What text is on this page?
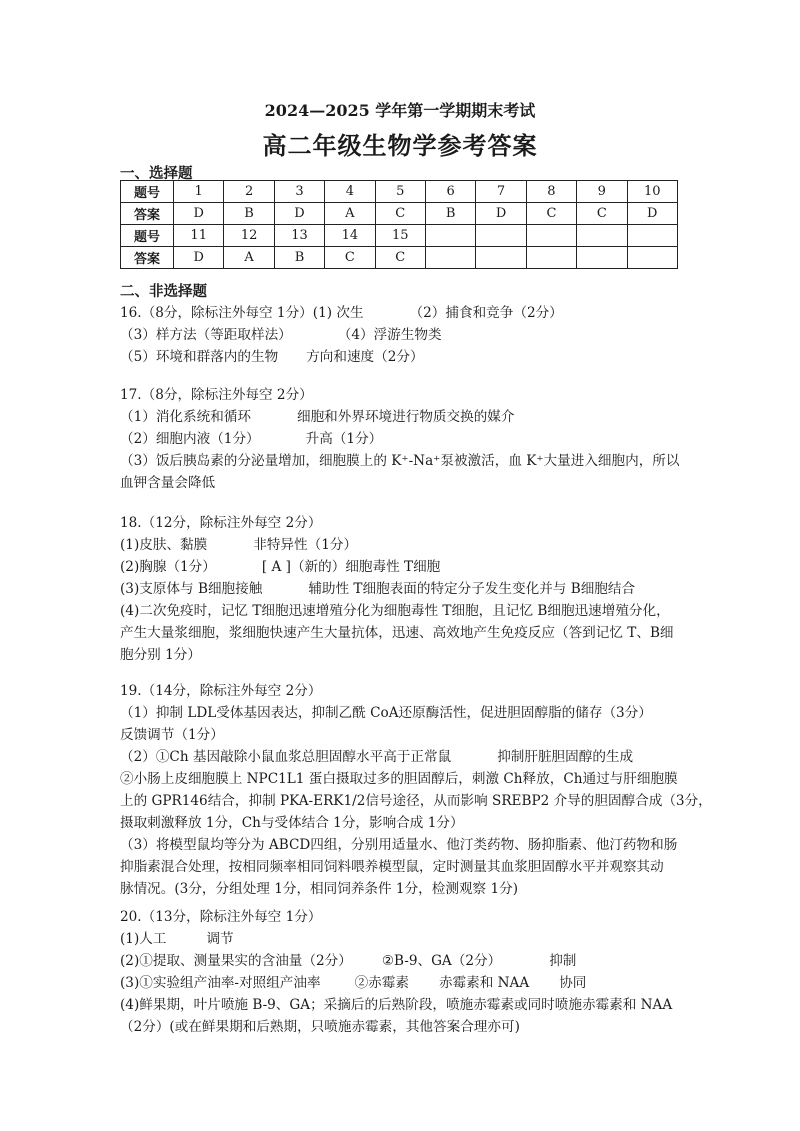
2024—2025 学年第一学期期末考试
高二年级生物学参考答案
一、选择题
题号	1	2	3	4	5	6	7	8	9	10
答案	D	B	D	A	C	B	D	C	C	D
题号	11	12	13	14	15					
答案	D	A	B	C	C					
二、非选择题
16.（8分，除标注外每空 1分）(1) 次生	（2）捕食和竞争（2分）
（3）样方法（等距取样法）	（4）浮游生物类
（5）环境和群落内的生物 方向和速度（2分）
17.（8分，除标注外每空 2分）
（1）消化系统和循环	细胞和外界环境进行物质交换的媒介
（2）细胞内液（1分）	升高（1分）
（3）饭后胰岛素的分泌量增加，细胞膜上的 K⁺-Na⁺泵被激活，血 K⁺大量进入细胞内，所以
血钾含量会降低
18.（12分，除标注外每空 2分）
(1)皮肤、黏膜	非特异性（1分）
(2)胸腺（1分）	[ A ]（新的）细胞毒性 T细胞
(3)支原体与 B细胞接触	辅助性 T细胞表面的特定分子发生变化并与 B细胞结合
(4)二次免疫时，记忆 T细胞迅速增殖分化为细胞毒性 T细胞，且记忆 B细胞迅速增殖分化，
产生大量浆细胞，浆细胞快速产生大量抗体，迅速、高效地产生免疫反应（答到记忆 T、B细
胞分别 1分）
19.（14分，除标注外每空 2分）
（1）抑制 LDL受体基因表达，抑制乙酰 CoA还原酶活性，促进胆固醇脂的储存（3分）
反馈调节（1分）
（2）①Ch 基因敲除小鼠血浆总胆固醇水平高于正常鼠	抑制肝脏胆固醇的生成
②小肠上皮细胞膜上 NPC1L1 蛋白摄取过多的胆固醇后，刺激 Ch释放，Ch通过与肝细胞膜
上的 GPR146结合，抑制 PKA-ERK1/2信号途径，从而影响 SREBP2 介导的胆固醇合成（3分，
摄取刺激释放 1分，Ch与受体结合 1分，影响合成 1分）
（3）将模型鼠均等分为 ABCD四组，分别用适量水、他汀类药物、肠抑脂素、他汀药物和肠
抑脂素混合处理，按相同频率相同饲料喂养模型鼠，定时测量其血浆胆固醇水平并观察其动
脉情况。(3分，分组处理 1分，相同饲养条件 1分，检测观察 1分)
20.（13分，除标注外每空 1分）
(1)人工	调节
(2)①提取、测量果实的含油量（2分） ②B-9、GA（2分）	抑制
(3)①实验组产油率-对照组产油率	②赤霉素 赤霉素和 NAA 协同
(4)鲜果期，叶片喷施 B-9、GA；采摘后的后熟阶段，喷施赤霉素或同时喷施赤霉素和 NAA
（2分）(或在鲜果期和后熟期，只喷施赤霉素，其他答案合理亦可)
